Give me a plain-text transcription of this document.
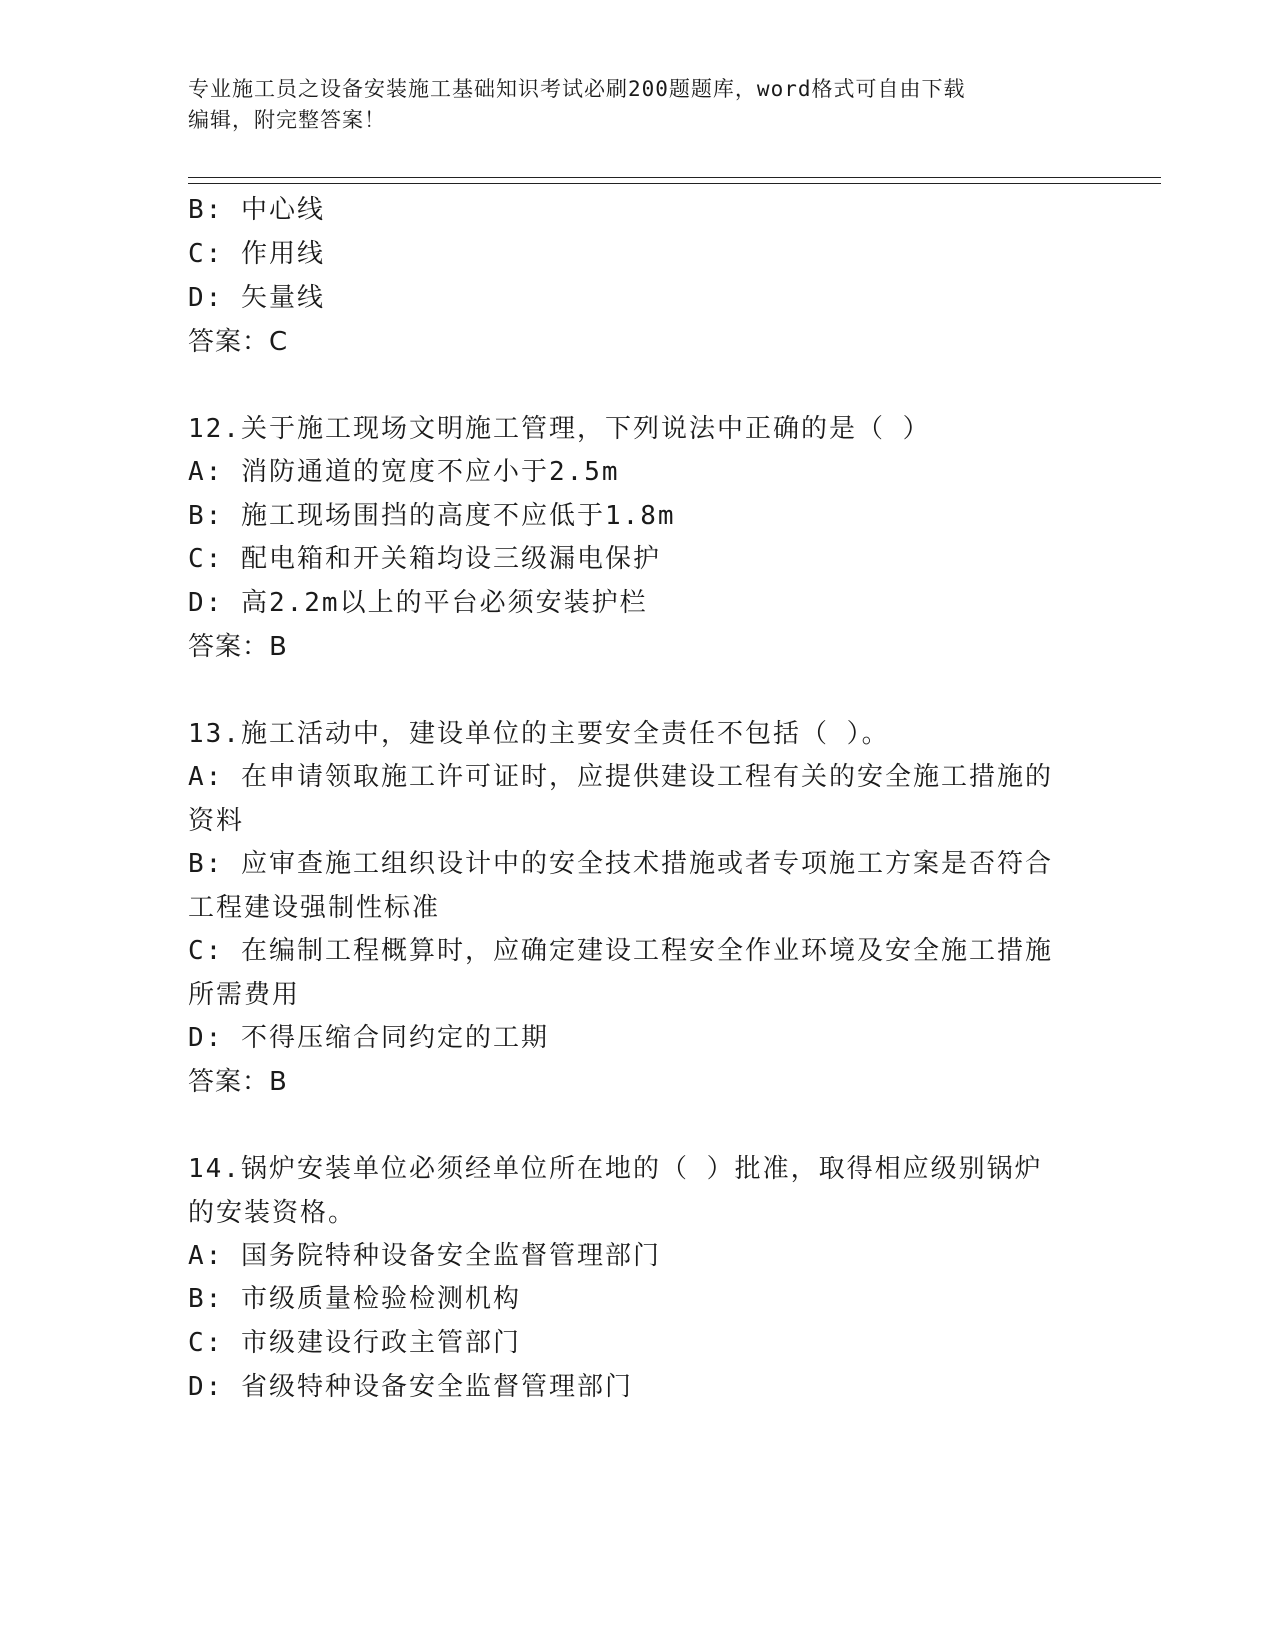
专业施工员之设备安装施工基础知识考试必刷200题题库，word格式可自由下载
编辑，附完整答案！
B: 中心线
C: 作用线
D: 矢量线
答案：C
12.关于施工现场文明施工管理，下列说法中正确的是（ ）
A: 消防通道的宽度不应小于2.5m
B: 施工现场围挡的高度不应低于1.8m
C: 配电箱和开关箱均设三级漏电保护
D: 高2.2m以上的平台必须安装护栏
答案：B
13.施工活动中，建设单位的主要安全责任不包括（ ）。
A: 在申请领取施工许可证时，应提供建设工程有关的安全施工措施的
资料
B: 应审查施工组织设计中的安全技术措施或者专项施工方案是否符合
工程建设强制性标准
C: 在编制工程概算时，应确定建设工程安全作业环境及安全施工措施
所需费用
D: 不得压缩合同约定的工期
答案：B
14.锅炉安装单位必须经单位所在地的（ ）批准，取得相应级别锅炉
的安装资格。
A: 国务院特种设备安全监督管理部门
B: 市级质量检验检测机构
C: 市级建设行政主管部门
D: 省级特种设备安全监督管理部门
